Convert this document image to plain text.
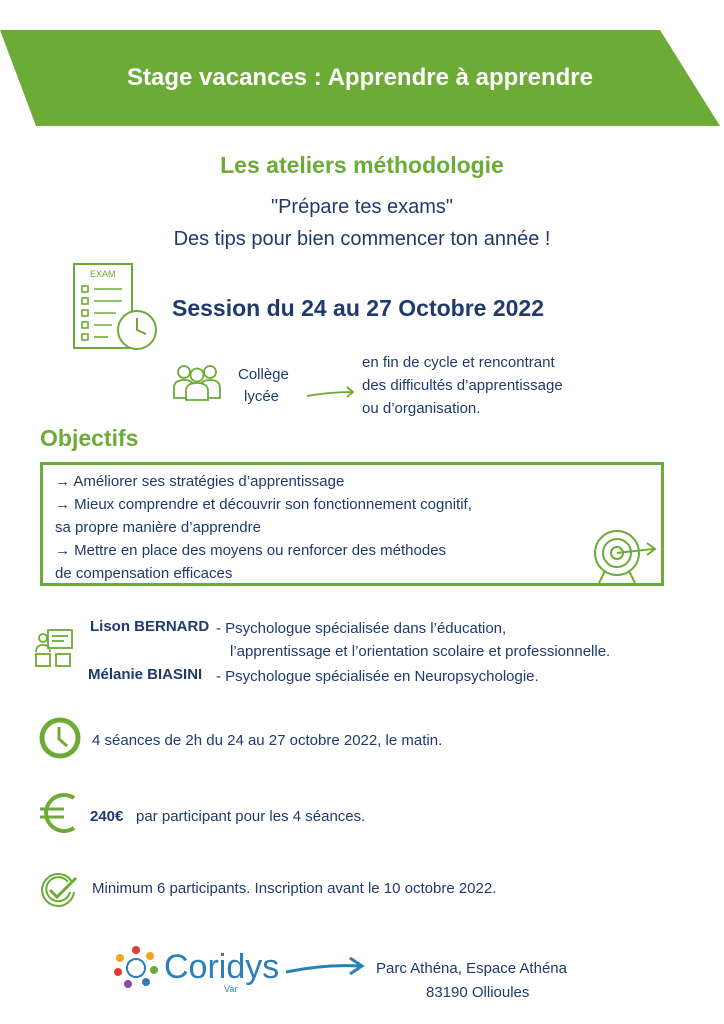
Stage vacances : Apprendre à apprendre
Les ateliers méthodologie
"Prépare tes exams"
Des tips pour bien commencer ton année !
EXAM
Session du 24 au 27 Octobre 2022
Collège
lycée
en fin de cycle et rencontrant
des difficultés d’apprentissage
ou d’organisation.
Objectifs
→ Améliorer ses stratégies d’apprentissage
→ Mieux comprendre et découvrir son fonctionnement cognitif,
sa propre manière d’apprendre
→ Mettre en place des moyens ou renforcer des méthodes
de compensation efficaces
Lison BERNARD - Psychologue spécialisée dans l’éducation,
l’apprentissage et l’orientation scolaire et professionnelle.
Mélanie BIASINI - Psychologue spécialisée en Neuropsychologie.
4 séances de 2h du 24 au 27 octobre 2022, le matin.
240€ par participant pour les 4 séances.
Minimum 6 participants. Inscription avant le 10 octobre 2022.
Coridys
Var
Parc Athéna, Espace Athéna
83190 Ollioules
